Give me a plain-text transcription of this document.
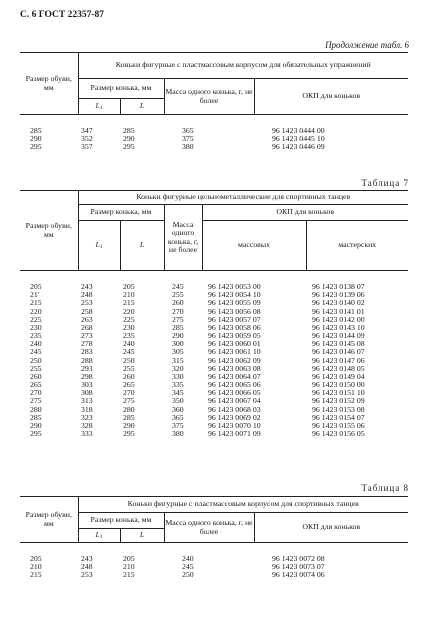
С. 6 ГОСТ 22357-87
Продолжение табл. 6
Размер обуви, мм	Коньки фигурные с пластмассовым корпусом для обязательных упражнений			
	Размер конька, мм		Масса одного конька, г, не более	ОКП для коньков
	L1	L		

285	347	285	365	96 1423 0444 00
290	352	290	375	96 1423 0445 10
295	357	295	380	96 1423 0446 09
Таблица 7
Размер обуви, мм	Коньки фигурные цельнометаллические для спортивных танцев				
	Размер конька, мм		Масса одного конька, г, не более	ОКП для коньков	
	L1	L		массовых	мастерских

205	243	205	245	96 1423 0053 00	96 1423 0138 07
21'	248	210	255	96 1423 0054 10	96 1423 0139 06
215	253	215	260	96 1423 0055 09	96 1423 0140 02
220	258	220	270	96 1423 0056 08	96 1423 0141 01
225	263	225	275	96 1423 0057 07	96 1423 0142 00
230	268	230	285	96 1423 0058 06	96 1423 0143 10
235	273	235	290	96 1423 0059 05	96 1423 0144 09
240	278	240	300	96 1423 0060 01	96 1423 0145 08
245	283	245	305	96 1423 0061 10	96 1423 0146 07
250	288	250	315	96 1423 0062 09	96 1423 0147 06
255	293	255	320	96 1423 0063 08	96 1423 0148 05
260	298	260	330	96 1423 0064 07	96 1423 0149 04
265	303	265	335	96 1423 0065 06	96 1423 0150 00
270	308	270	345	96 1423 0066 05	96 1423 0151 10
275	313	275	350	96 1423 0067 04	96 1423 0152 09
280	318	280	360	96 1423 0068 03	96 1423 0153 08
285	323	285	365	96 1423 0069 02	96 1423 0154 07
290	328	290	375	96 1423 0070 10	96 1423 0155 06
295	333	295	380	96 1423 0071 09	96 1423 0156 05
Таблица 8
Размер обуви, мм	Коньки фигурные с пластмассовым корпусом для спортивных танцев			
	Размер конька, мм		Масса одного конька, г, не более	ОКП для коньков
	L1	L		

205	243	205	240	96 1423 0072 08
210	248	210	245	96 1423 0073 07
215	253	215	250	96 1423 0074 06
